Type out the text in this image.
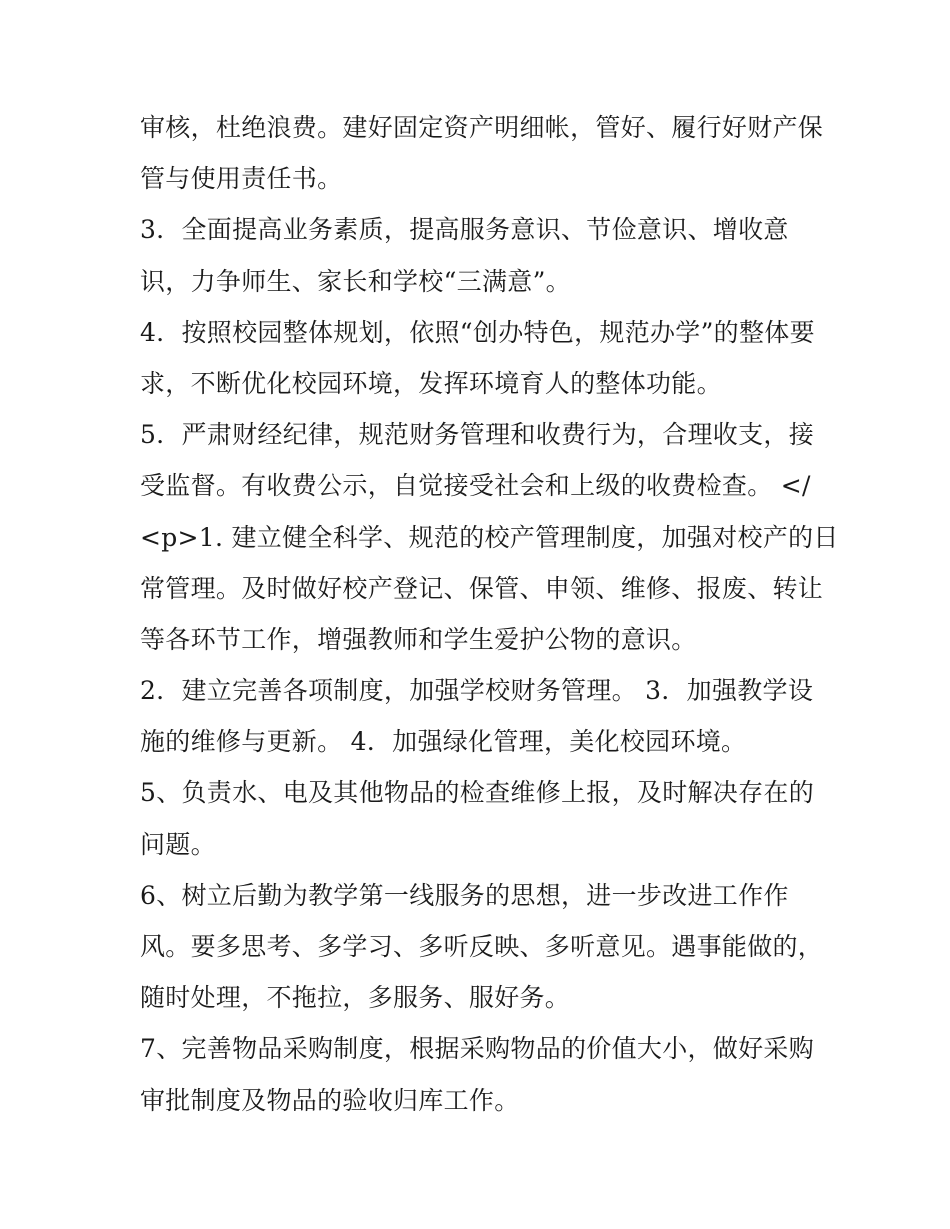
审核，杜绝浪费。建好固定资产明细帐，管好、履行好财产保
管与使用责任书。
3．全面提高业务素质，提高服务意识、节俭意识、增收意
识，力争师生、家长和学校“三满意”。
4．按照校园整体规划，依照“创办特色，规范办学”的整体要
求，不断优化校园环境，发挥环境育人的整体功能。
5．严肃财经纪律，规范财务管理和收费行为，合理收支，接
受监督。有收费公示，自觉接受社会和上级的收费检查。 </
<p>1. 建立健全科学、规范的校产管理制度，加强对校产的日
常管理。及时做好校产登记、保管、申领、维修、报废、转让
等各环节工作，增强教师和学生爱护公物的意识。
2．建立完善各项制度，加强学校财务管理。 3．加强教学设
施的维修与更新。 4．加强绿化管理，美化校园环境。
5、负责水、电及其他物品的检查维修上报，及时解决存在的
问题。
6、树立后勤为教学第一线服务的思想，进一步改进工作作
风。要多思考、多学习、多听反映、多听意见。遇事能做的，
随时处理，不拖拉，多服务、服好务。
7、完善物品采购制度，根据采购物品的价值大小，做好采购
审批制度及物品的验收归库工作。
